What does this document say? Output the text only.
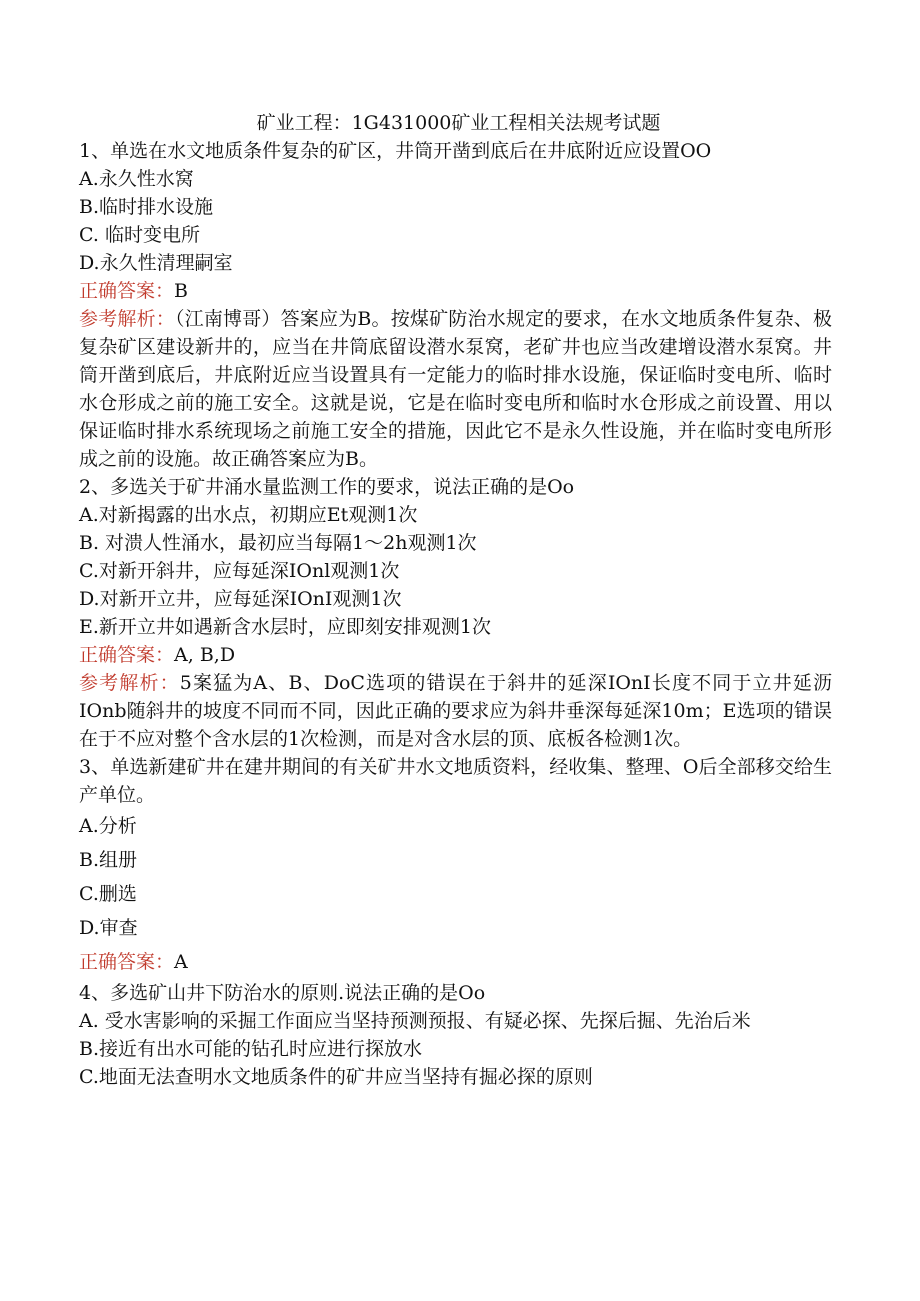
矿业工程：1G431000矿业工程相关法规考试题
1、单选在水文地质条件复杂的矿区，井筒开凿到底后在井底附近应设置OO
A.永久性水窝
B.临时排水设施
C. 临时变电所
D.永久性清理嗣室
正确答案：B
参考解析：（江南博哥）答案应为B。按煤矿防治水规定的要求，在水文地质条件复杂、极复杂矿区建设新井的，应当在井筒底留设潜水泵窝，老矿井也应当改建增设潜水泵窝。井筒开凿到底后，井底附近应当设置具有一定能力的临时排水设施，保证临时变电所、临时水仓形成之前的施工安全。这就是说，它是在临时变电所和临时水仓形成之前设置、用以保证临时排水系统现场之前施工安全的措施，因此它不是永久性设施，并在临时变电所形成之前的设施。故正确答案应为B。
2、多选关于矿井涌水量监测工作的要求，说法正确的是Oo
A.对新揭露的出水点，初期应Et观测1次
B. 对溃人性涌水，最初应当每隔1～2h观测1次
C.对新开斜井，应每延深IOnl观测1次
D.对新开立井，应每延深IOnI观测1次
E.新开立井如遇新含水层时，应即刻安排观测1次
正确答案：A, B,D
参考解析：5案猛为A、B、DoC选项的错误在于斜井的延深IOnI长度不同于立井延沥IOnb随斜井的坡度不同而不同，因此正确的要求应为斜井垂深每延深10m；E选项的错误在于不应对整个含水层的1次检测，而是对含水层的顶、底板各检测1次。
3、单选新建矿井在建井期间的有关矿井水文地质资料，经收集、整理、O后全部移交给生产单位。
A.分析
B.组册
C.删选
D.审查
正确答案：A
4、多选矿山井下防治水的原则.说法正确的是Oo
A. 受水害影响的采掘工作面应当坚持预测预报、有疑必探、先探后掘、先治后米
B.接近有出水可能的钻孔时应进行探放水
C.地面无法查明水文地质条件的矿井应当坚持有掘必探的原则
